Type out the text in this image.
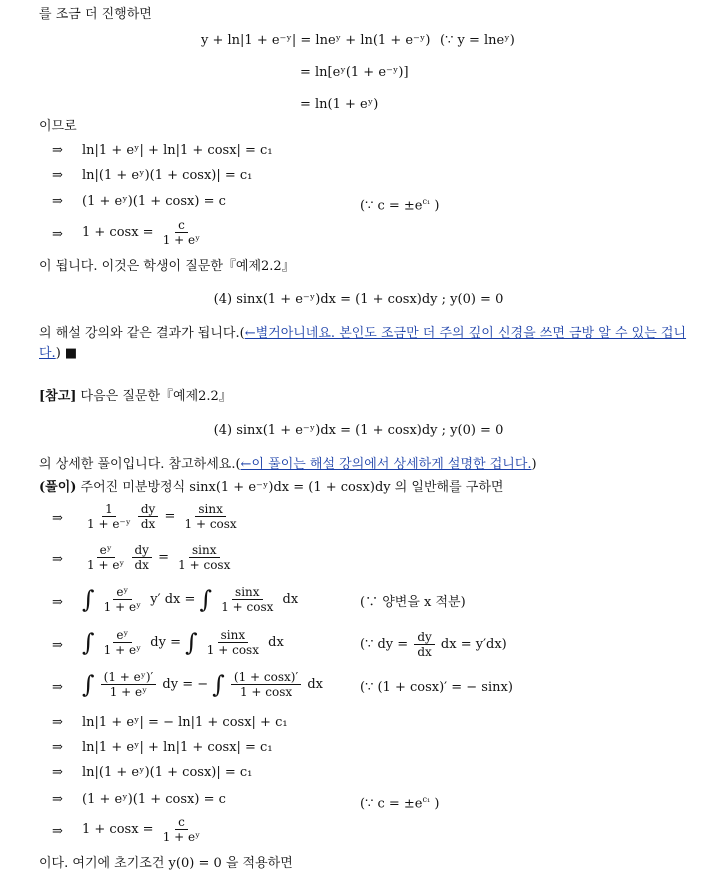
를 조금 더 진행하면
y + ln|1 + e⁻ʸ| = lneʸ + ln(1 + e⁻ʸ) (∵ y = lneʸ)
= ln[eʸ(1 + e⁻ʸ)]
= ln(1 + eʸ)
이므로
⇒ ln|1 + eʸ| + ln|1 + cosx| = c₁
⇒ ln|(1 + eʸ)(1 + cosx)| = c₁
⇒ (1 + eʸ)(1 + cosx) = c	(∵ $c = \pm e^{c_1}$ )
⇒ $1 + \cos x = \frac{c}{\text{1 + eʸ}}$
이 됩니다. 이것은 학생이 질문한『예제2.2』
(4) sinx(1 + e⁻ʸ)dx = (1 + cosx)dy ; y(0) = 0
의 해설 강의와 같은 결과가 됩니다.(←별거아니네요. 본인도 조금만 더 주의 깊이 신경을 쓰면 금방 알 수 있는 겁니
다.) ■
[참고] 다음은 질문한『예제2.2』
(4) sinx(1 + e⁻ʸ)dx = (1 + cosx)dy ; y(0) = 0
의 상세한 풀이입니다. 참고하세요.(←이 풀이는 해설 강의에서 상세하게 설명한 겁니다.)
(풀이) 주어진 미분방정식 sinx(1 + e⁻ʸ)dx = (1 + cosx)dy 의 일반해를 구하면
⇒ $\frac{1}{\text{1 + e⁻ʸ}} \frac{dy}{dx} = \frac{\sin x}{1 + \cos x}$
⇒ $\frac{\text{eʸ}}{\text{1 + eʸ}} \frac{dy}{dx} = \frac{\sin x}{1 + \cos x}$
⇒ ∫ $\frac{\text{eʸ}}{\text{1 + eʸ}} y'$ dx = ∫ $\frac{\sin x}{1 + \cos x}$ dx	(∵ 양변을 x 적분)
⇒ ∫ $\frac{\text{eʸ}}{\text{1 + eʸ}}$ dy = ∫ $\frac{\sin x}{1 + \cos x}$ dx	(∵ dy = $\frac{dy}{dx}$ dx = y′dx)
⇒ ∫ $\frac{\text{(1 + eʸ)′}}{\text{1 + eʸ}}$ dy = − ∫ $\frac{(1 + \cos x)'}{1 + \cos x}$ dx	(∵ (1 + cosx)′ = − sinx)
⇒ ln|1 + eʸ| = − ln|1 + cosx| + c₁
⇒ ln|1 + eʸ| + ln|1 + cosx| = c₁
⇒ ln|(1 + eʸ)(1 + cosx)| = c₁
⇒ (1 + eʸ)(1 + cosx) = c	(∵ $c = \pm e^{c_1}$ )
⇒ $1 + \cos x = \frac{c}{\text{1 + eʸ}}$
이다. 여기에 초기조건 y(0) = 0 을 적용하면
